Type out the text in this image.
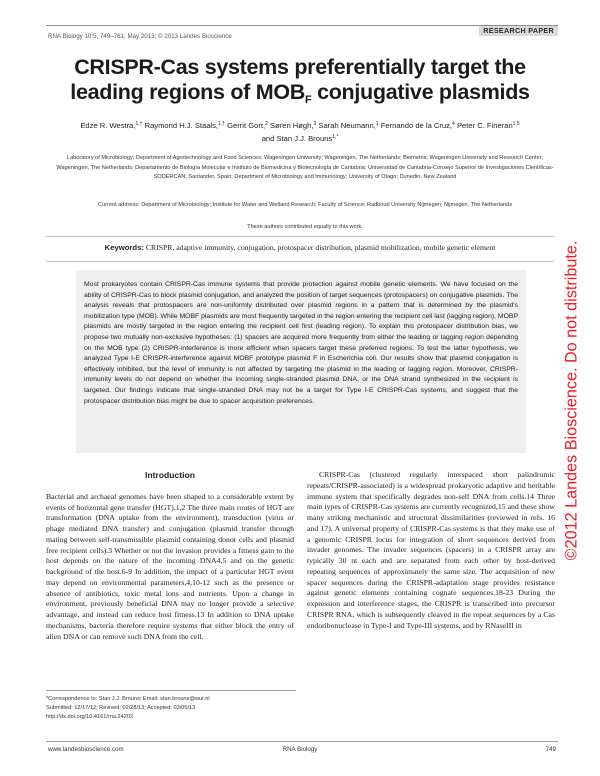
RESEARCH PAPER
RNA Biology 10:5, 749–761; May 2013; © 2013 Landes Bioscience
CRISPR-Cas systems preferentially target the
leading regions of $MOB_F$ conjugative plasmids
Edze R. Westra,$^{1,\dagger}$ Raymond H.J. Staals,$^{1,\dagger}$ Gerrit Gort,$^2$ Søren Høgh,$^3$ Sarah Neumann,$^1$ Fernando de la Cruz,$^4$ Peter C. Fineran$^{1,5}$
and Stan J.J. Brouns$^{1,*}$
Laboratory of Microbiology; Department of Agrotechnology and Food Sciences; Wageningen University; Wageningen, The Netherlands; Biometris; Wageningen University and Research Center; Wageningen, The Netherlands; Departamento de Biología Molecular e Instituto de Biomedicina y Biotecnología de Cantabria; Universidad de Cantabria-Consejo Superior de Investigaciones Científicas-SODERCAN; Santander, Spain; Department of Microbiology and Immunology; University of Otago; Dunedin, New Zealand
Current address: Department of Microbiology; Institute for Water and Wetland Research; Faculty of Science; Radboud University Nijmegen; Nijmegen, The Netherlands
These authors contributed equally to this work.
Keywords: CRISPR, adaptive immunity, conjugation, protospacer distribution, plasmid mobilization, mobile genetic element
Most prokaryotes contain CRISPR-Cas immune systems that provide protection against mobile genetic elements. We have focused on the ability of CRISPR-Cas to block plasmid conjugation, and analyzed the position of target sequences (protospacers) on conjugative plasmids. The analysis reveals that protospacers are non-uniformly distributed over plasmid regions in a pattern that is determined by the plasmid's mobilization type (MOB). While MOBF plasmids are most frequently targeted in the region entering the recipient cell last (lagging region), MOBP plasmids are mostly targeted in the region entering the recipient cell first (leading region). To explain this protospacer distribution bias, we propose two mutually non-exclusive hypotheses: (1) spacers are acquired more frequently from either the leading or lagging region depending on the MOB type (2) CRISPR-interference is more efficient when spacers target these preferred regions. To test the latter hypothesis, we analyzed Type I-E CRISPR-interference against MOBF prototype plasmid F in Escherichia coli. Our results show that plasmid conjugation is effectively inhibited, but the level of immunity is not affected by targeting the plasmid in the leading or lagging region. Moreover, CRISPR-immunity levels do not depend on whether the incoming single-stranded plasmid DNA, or the DNA strand synthesized in the recipient is targeted. Our findings indicate that single-stranded DNA may not be a target for Type I-E CRISPR-Cas systems, and suggest that the protospacer distribution bias might be due to spacer acquisition preferences.	©2012 Landes Bioscience. Do not distribute.
Introduction
Bacterial and archaeal genomes have been shaped to a considerable extent by events of horizontal gene transfer (HGT).1,2 The three main routes of HGT are transformation (DNA uptake from the environment), transduction (virus or phage mediated DNA transfer) and conjugation (plasmid transfer through mating between self-transmissible plasmid containing donor cells and plasmid free recipient cells).3 Whether or not the invasion provides a fitness gain to the host depends on the nature of the incoming DNA4,5 and on the genetic background of the host.6-9 In addition, the impact of a particular HGT event may depend on environmental parameters,4,10-12 such as the presence or absence of antibiotics, toxic metal ions and nutrients. Upon a change in environment, previously beneficial DNA may no longer provide a selective advantage, and instead can reduce host fitness.13 In addition to DNA uptake mechanisms, bacteria therefore require systems that either block the entry of alien DNA or can remove such DNA from the cell.
CRISPR-Cas (clustered regularly interspaced short palindromic repeats/CRISPR-associated) is a widespread prokaryotic adaptive and heritable immune system that specifically degrades non-self DNA from cells.14 Three main types of CRISPR-Cas systems are currently recognized,15 and these show many striking mechanistic and structural dissimilarities (reviewed in refs. 16 and 17). A universal property of CRISPR-Cas systems is that they make use of a genomic CRISPR locus for integration of short sequences derived from invader genomes. The invader sequences (spacers) in a CRISPR array are typically 30 nt each and are separated from each other by host-derived repeating sequences of approximately the same size. The acquisition of new spacer sequences during the CRISPR-adaptation stage provides resistance against genetic elements containing cognate sequences.18-23 During the expression and interference stages, the CRISPR is transcribed into precursor CRISPR RNA, which is subsequently cleaved in the repeat sequences by a Cas endoribonuclease in Type-I and Type-III systems, and by RNaseIII in
*Correspondence to: Stan J.J. Brouns; Email: stan.brouns@wur.nl
Submitted: 12/17/12; Revised: 02/28/13; Accepted: 03/05/13
http://dx.doi.org/10.4161/rna.24202
www.landesbioscience.com	RNA Biology	749
